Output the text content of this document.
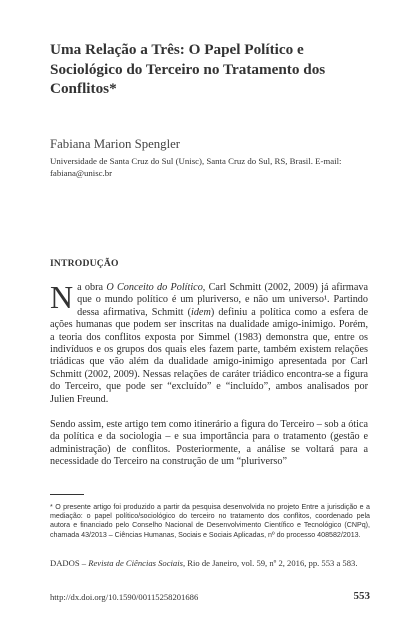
Uma Relação a Três: O Papel Político e Sociológico do Terceiro no Tratamento dos Conflitos*
Fabiana Marion Spengler
Universidade de Santa Cruz do Sul (Unisc), Santa Cruz do Sul, RS, Brasil. E-mail: fabiana@unisc.br
INTRODUÇÃO
Na obra O Conceito do Político, Carl Schmitt (2002, 2009) já afirmava que o mundo político é um pluriverso, e não um universo¹. Partindo dessa afirmativa, Schmitt (idem) definiu a política como a esfera de ações humanas que podem ser inscritas na dualidade amigo-inimigo. Porém, a teoria dos conflitos exposta por Simmel (1983) demonstra que, entre os indivíduos e os grupos dos quais eles fazem parte, também existem relações triádicas que vão além da dualidade amigo-inimigo apresentada por Carl Schmitt (2002, 2009). Nessas relações de caráter triádico encontra-se a figura do Terceiro, que pode ser “excluído” e “incluído”, ambos analisados por Julien Freund.
Sendo assim, este artigo tem como itinerário a figura do Terceiro – sob a ótica da política e da sociologia – e sua importância para o tratamento (gestão e administração) de conflitos. Posteriormente, a análise se voltará para a necessidade do Terceiro na construção de um “pluriverso”
* O presente artigo foi produzido a partir da pesquisa desenvolvida no projeto Entre a jurisdição e a mediação: o papel político/sociológico do terceiro no tratamento dos conflitos, coordenado pela autora e financiado pelo Conselho Nacional de Desenvolvimento Científico e Tecnológico (CNPq), chamada 43/2013 – Ciências Humanas, Sociais e Sociais Aplicadas, nº do processo 408582/2013.
DADOS – Revista de Ciências Sociais, Rio de Janeiro, vol. 59, nº 2, 2016, pp. 553 a 583.
http://dx.doi.org/10.1590/00115258201686	553
